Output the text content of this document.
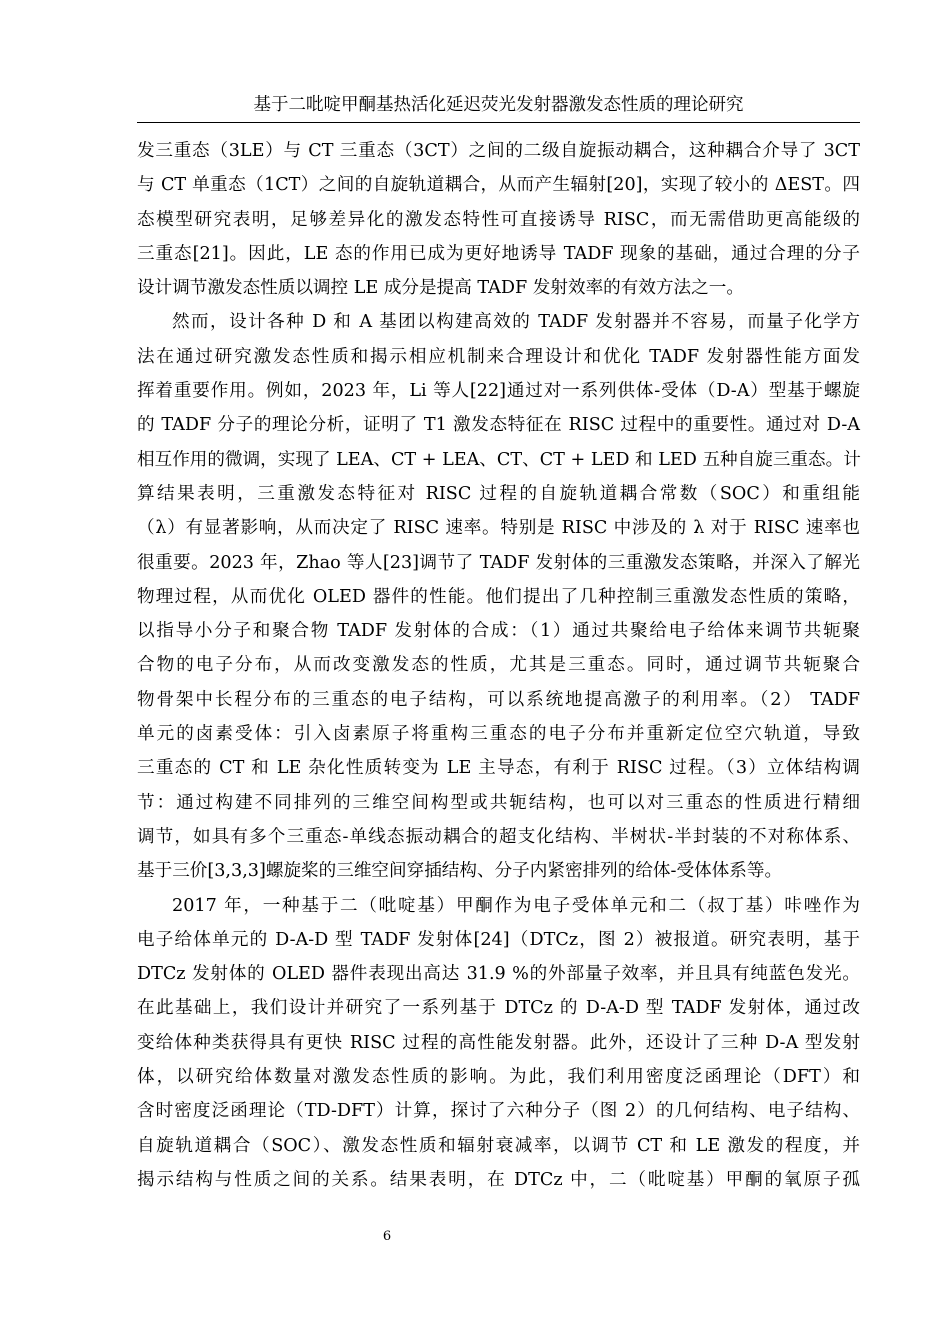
基于二吡啶甲酮基热活化延迟荧光发射器激发态性质的理论研究
发三重态（3LE）与 CT 三重态（3CT）之间的二级自旋振动耦合，这种耦合介导了 3CT
与 CT 单重态（1CT）之间的自旋轨道耦合，从而产生辐射[20]，实现了较小的 ΔEST。四
态模型研究表明，足够差异化的激发态特性可直接诱导 RISC，而无需借助更高能级的
三重态[21]。因此，LE 态的作用已成为更好地诱导 TADF 现象的基础，通过合理的分子
设计调节激发态性质以调控 LE 成分是提高 TADF 发射效率的有效方法之一。
然而，设计各种 D 和 A 基团以构建高效的 TADF 发射器并不容易，而量子化学方
法在通过研究激发态性质和揭示相应机制来合理设计和优化 TADF 发射器性能方面发
挥着重要作用。例如，2023 年，Li 等人[22]通过对一系列供体-受体（D-A）型基于螺旋
的 TADF 分子的理论分析，证明了 T1 激发态特征在 RISC 过程中的重要性。通过对 D-A
相互作用的微调，实现了 LEA、CT + LEA、CT、CT + LED 和 LED 五种自旋三重态。计
算结果表明，三重激发态特征对 RISC 过程的自旋轨道耦合常数（SOC）和重组能
（λ）有显著影响，从而决定了 RISC 速率。特别是 RISC 中涉及的 λ 对于 RISC 速率也
很重要。2023 年，Zhao 等人[23]调节了 TADF 发射体的三重激发态策略，并深入了解光
物理过程，从而优化 OLED 器件的性能。他们提出了几种控制三重激发态性质的策略，
以指导小分子和聚合物 TADF 发射体的合成：（1）通过共聚给电子给体来调节共轭聚
合物的电子分布，从而改变激发态的性质，尤其是三重态。同时，通过调节共轭聚合
物骨架中长程分布的三重态的电子结构，可以系统地提高激子的利用率。（2） TADF
单元的卤素受体：引入卤素原子将重构三重态的电子分布并重新定位空穴轨道，导致
三重态的 CT 和 LE 杂化性质转变为 LE 主导态，有利于 RISC 过程。（3）立体结构调
节：通过构建不同排列的三维空间构型或共轭结构，也可以对三重态的性质进行精细
调节，如具有多个三重态-单线态振动耦合的超支化结构、半树状-半封装的不对称体系、
基于三价[3,3,3]螺旋桨的三维空间穿插结构、分子内紧密排列的给体-受体体系等。
2017 年，一种基于二（吡啶基）甲酮作为电子受体单元和二（叔丁基）咔唑作为
电子给体单元的 D-A-D 型 TADF 发射体[24]（DTCz，图 2）被报道。研究表明，基于
DTCz 发射体的 OLED 器件表现出高达 31.9 %的外部量子效率，并且具有纯蓝色发光。
在此基础上，我们设计并研究了一系列基于 DTCz 的 D-A-D 型 TADF 发射体，通过改
变给体种类获得具有更快 RISC 过程的高性能发射器。此外，还设计了三种 D-A 型发射
体，以研究给体数量对激发态性质的影响。为此，我们利用密度泛函理论（DFT）和
含时密度泛函理论（TD-DFT）计算，探讨了六种分子（图 2）的几何结构、电子结构、
自旋轨道耦合（SOC）、激发态性质和辐射衰减率，以调节 CT 和 LE 激发的程度，并
揭示结构与性质之间的关系。结果表明，在 DTCz 中，二（吡啶基）甲酮的氧原子孤
6
